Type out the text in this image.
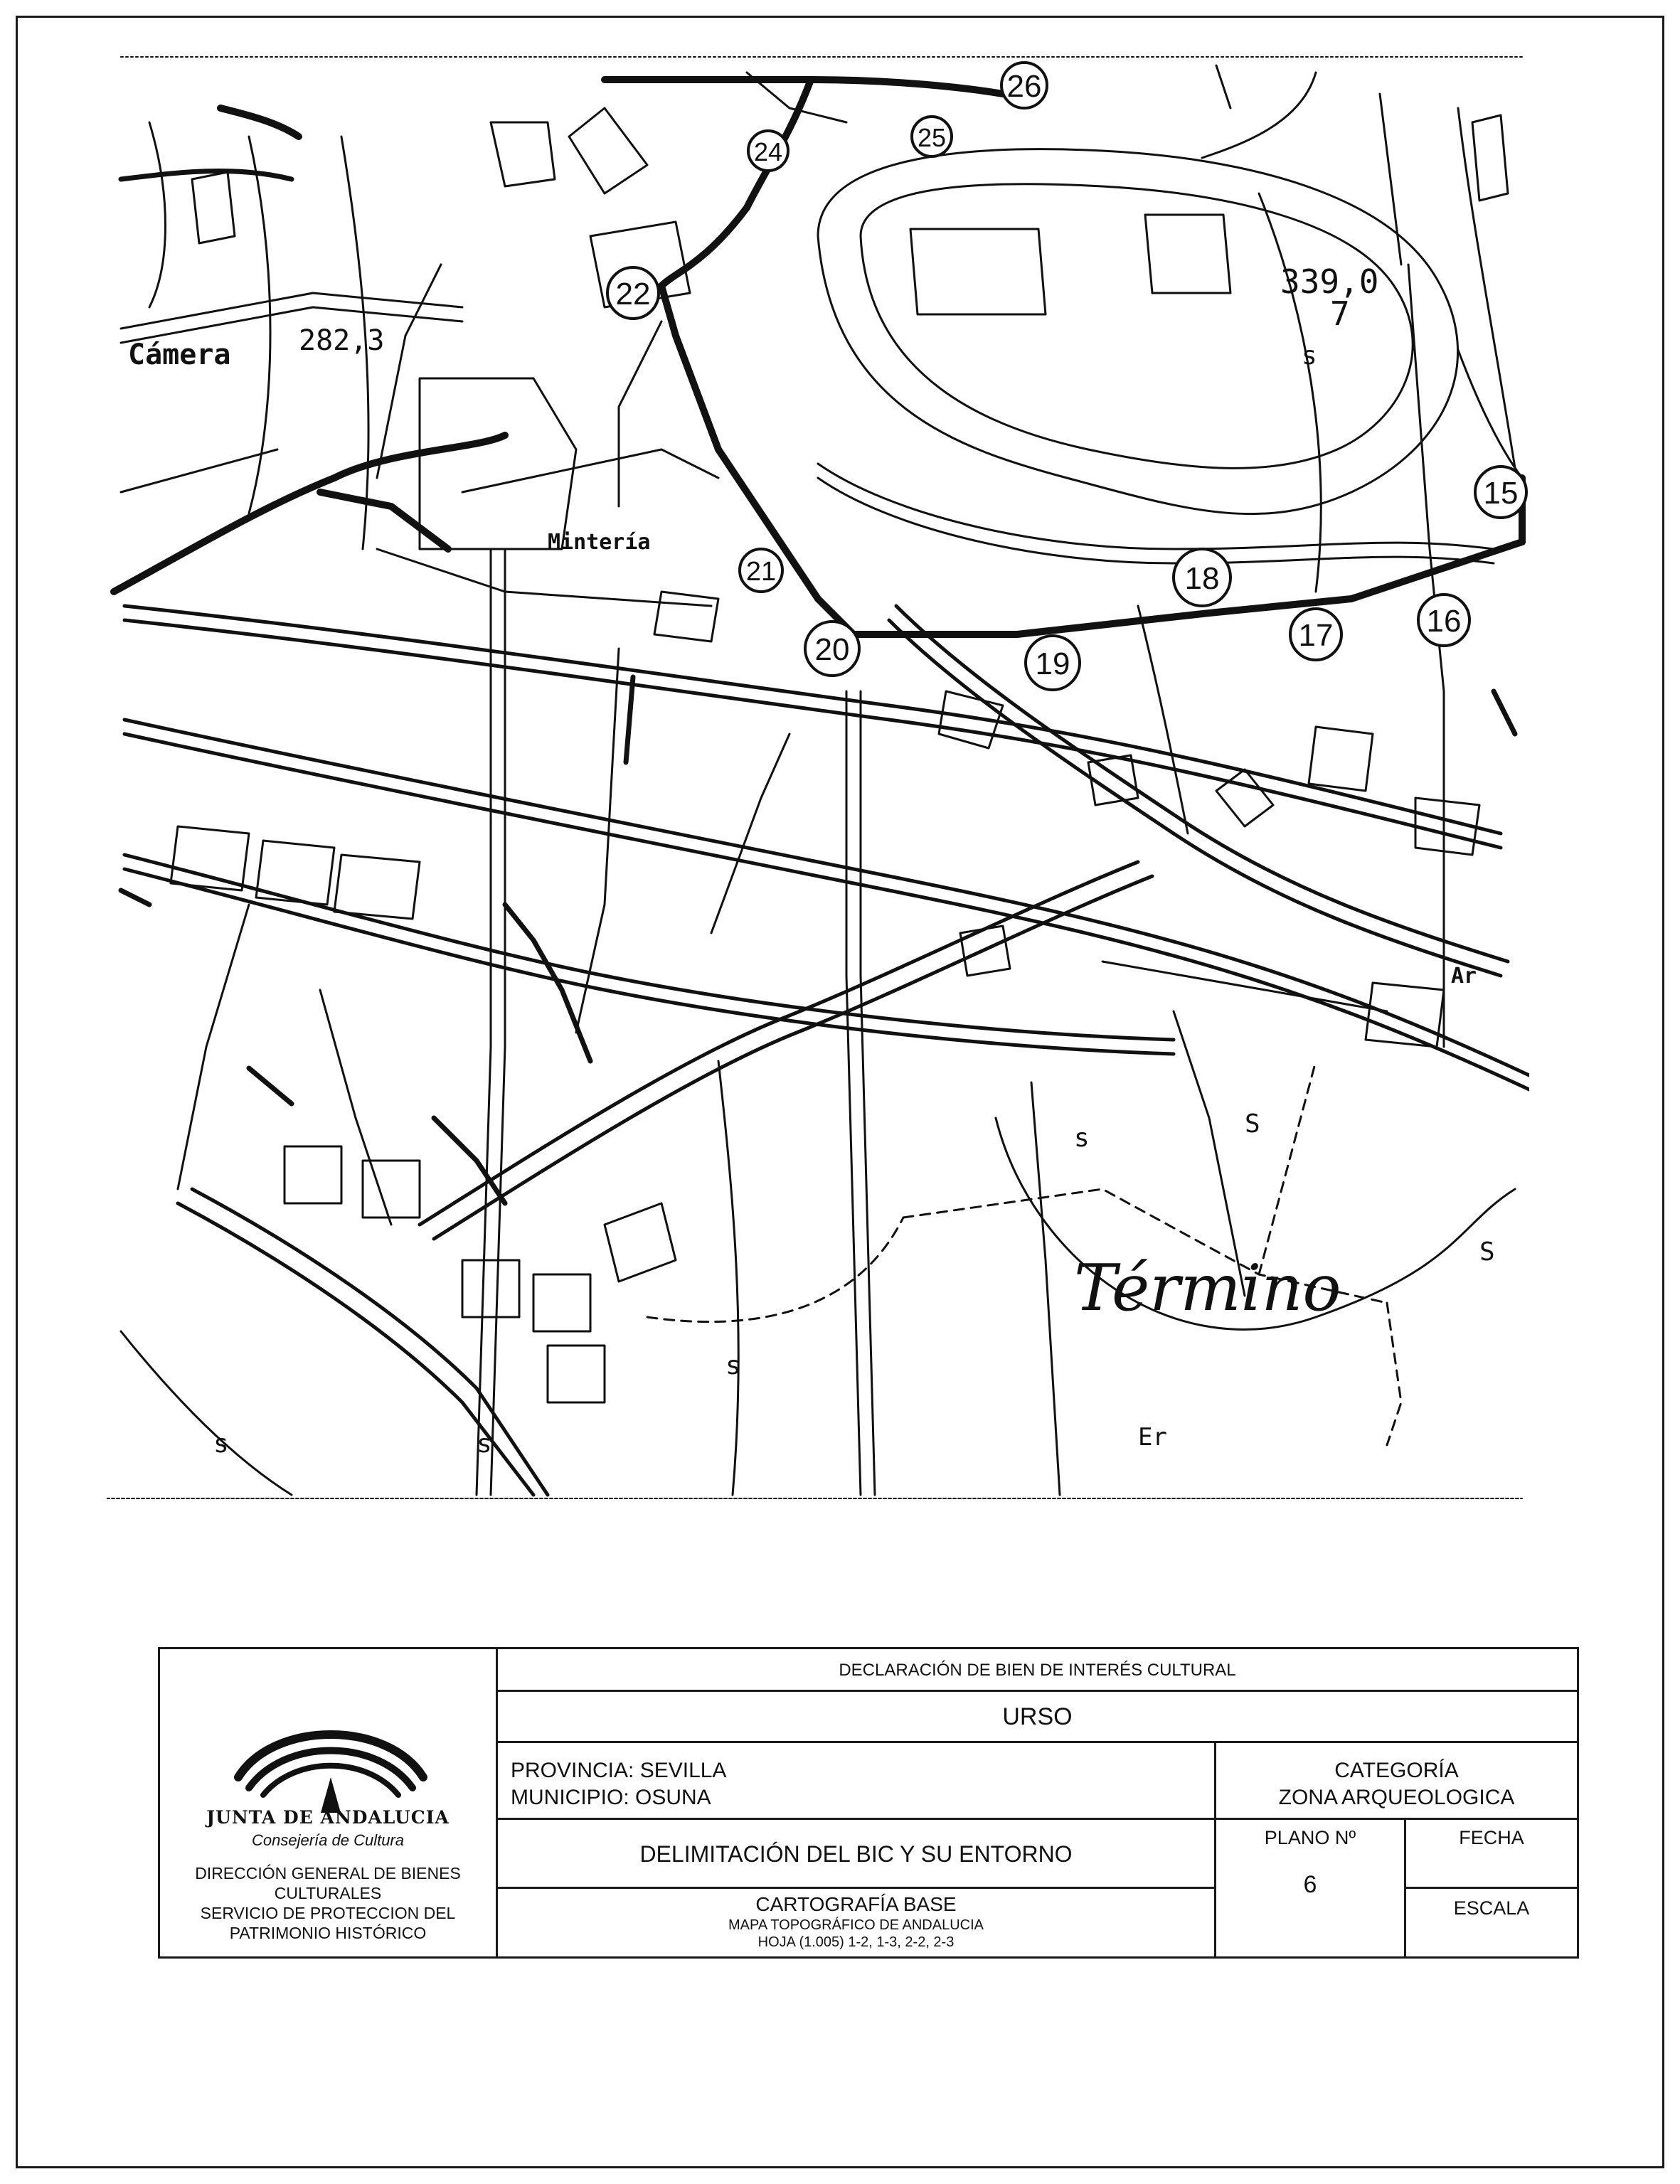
26
25
24
22
21
20	19
18
17	16
15
339,0
7
282,3
Cámera
Mintería
Término
Er
s
S
s
S
s
s	s
Ar
JUNTA DE ANDALUCIA
Consejería de Cultura
DIRECCIÓN GENERAL DE BIENES
CULTURALES
SERVICIO DE PROTECCION DEL
PATRIMONIO HISTÓRICO
DECLARACIÓN DE BIEN DE INTERÉS CULTURAL
URSO
PROVINCIA: SEVILLA
MUNICIPIO: OSUNA
CATEGORÍA
ZONA ARQUEOLOGICA
DELIMITACIÓN DEL BIC Y SU ENTORNO
PLANO Nº
6
FECHA
CARTOGRAFÍA BASE
MAPA TOPOGRÁFICO DE ANDALUCIA
HOJA (1.005) 1-2, 1-3, 2-2, 2-3
ESCALA
